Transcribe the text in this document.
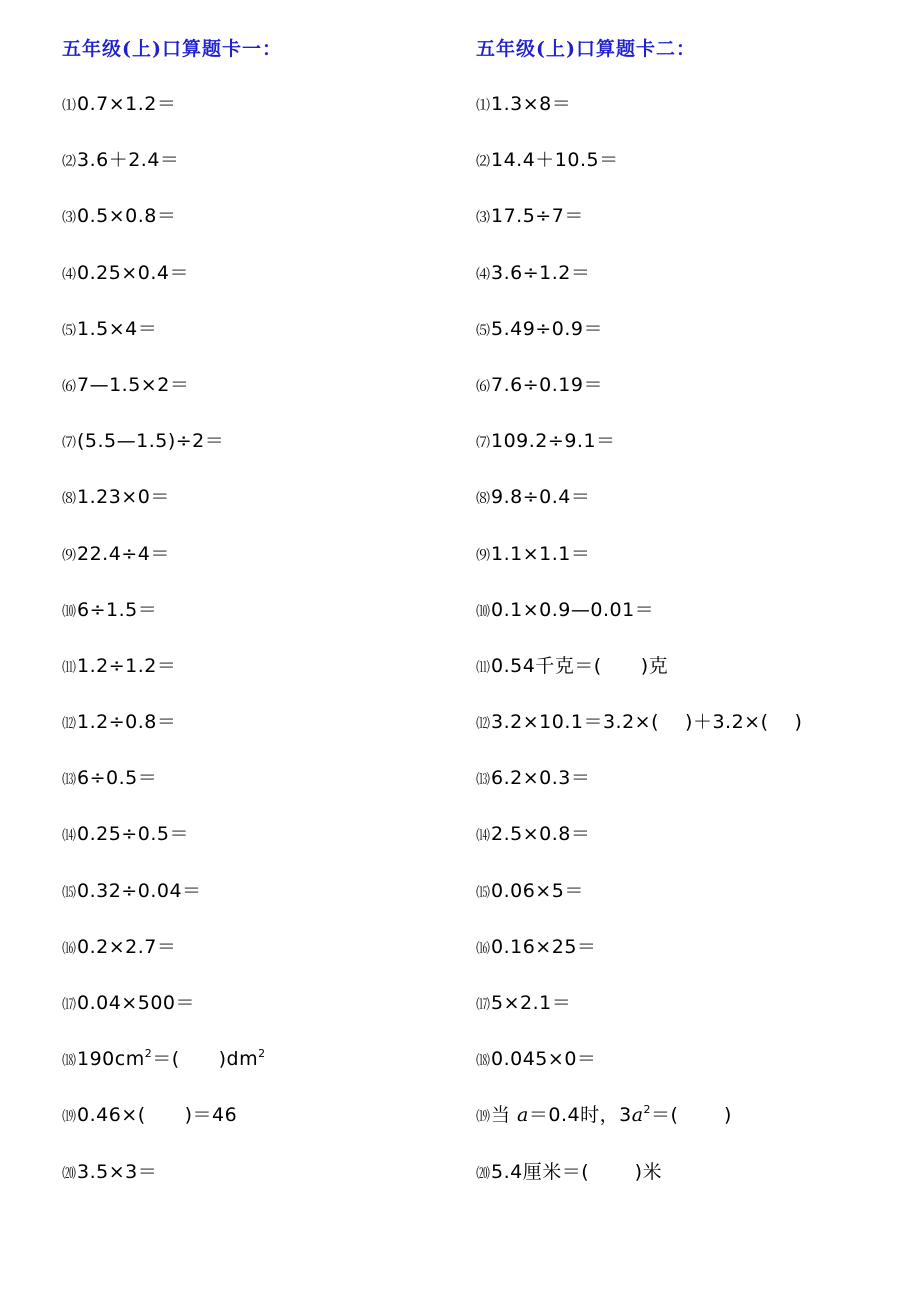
五年级(上)口算题卡一：
⑴0.7×1.2＝
⑵3.6＋2.4＝
⑶0.5×0.8＝
⑷0.25×0.4＝
⑸1.5×4＝
⑹7—1.5×2＝
⑺(5.5—1.5)÷2＝
⑻1.23×0＝
⑼22.4÷4＝
⑽6÷1.5＝
⑾1.2÷1.2＝
⑿1.2÷0.8＝
⒀6÷0.5＝
⒁0.25÷0.5＝
⒂0.32÷0.04＝
⒃0.2×2.7＝
⒄0.04×500＝
$⒅190cm^2=$(　　)$dm^2$
⒆0.46×(　　)＝46
⒇3.5×3＝
五年级(上)口算题卡二：
⑴1.3×8＝
⑵14.4＋10.5＝
⑶17.5÷7＝
⑷3.6÷1.2＝
⑸5.49÷0.9＝
⑹7.6÷0.19＝
⑺109.2÷9.1＝
⑻9.8÷0.4＝
⑼1.1×1.1＝
⑽0.1×0.9—0.01＝
⑾0.54千克＝(　　)克
⑿3.2×10.1＝3.2×(　 )＋3.2×(　 )
⒀6.2×0.3＝
⒁2.5×0.8＝
⒂0.06×5＝
⒃0.16×25＝
⒄5×2.1＝
⒅0.045×0＝
⒆当 a＝0.4时，$3a^2=$(　　 )
⒇5.4厘米＝(　　 )米
